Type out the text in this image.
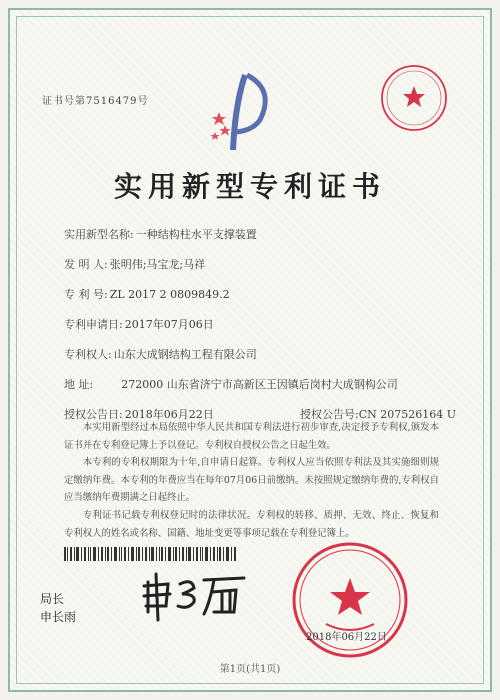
证书号第7516479号
实用新型专利证书
实用新型名称: 一种结构柱水平支撑装置
发 明 人: 张明伟;马宝龙;马祥
专 利 号: ZL 2017 2 0809849.2
专利申请日: 2017年07月06日
专利权人: 山东大成钢结构工程有限公司
地 址:	272000 山东省济宁市高新区王因镇后岗村大成钢构公司
授权公告日: 2018年06月22日	授权公告号:CN 207526164 U

本实用新型经过本局依照中华人民共和国专利法进行初步审查,决定授予专利权,颁发本证书并在专利登记簿上予以登记。专利权自授权公告之日起生效。

本专利的专利权期限为十年,自申请日起算。专利权人应当依照专利法及其实施细则规定缴纳年费。本专利的年费应当在每年07月06日前缴纳。未按照规定缴纳年费的,专利权自应当缴纳年费期满之日起终止。

专利证书记载专利权登记时的法律状况。专利权的转移、质押、无效、终止、恢复和专利权人的姓名或名称、国籍、地址变更等事项记载在专利登记簿上。

局长
申长雨
2018年06月22日
第1页(共1页)
